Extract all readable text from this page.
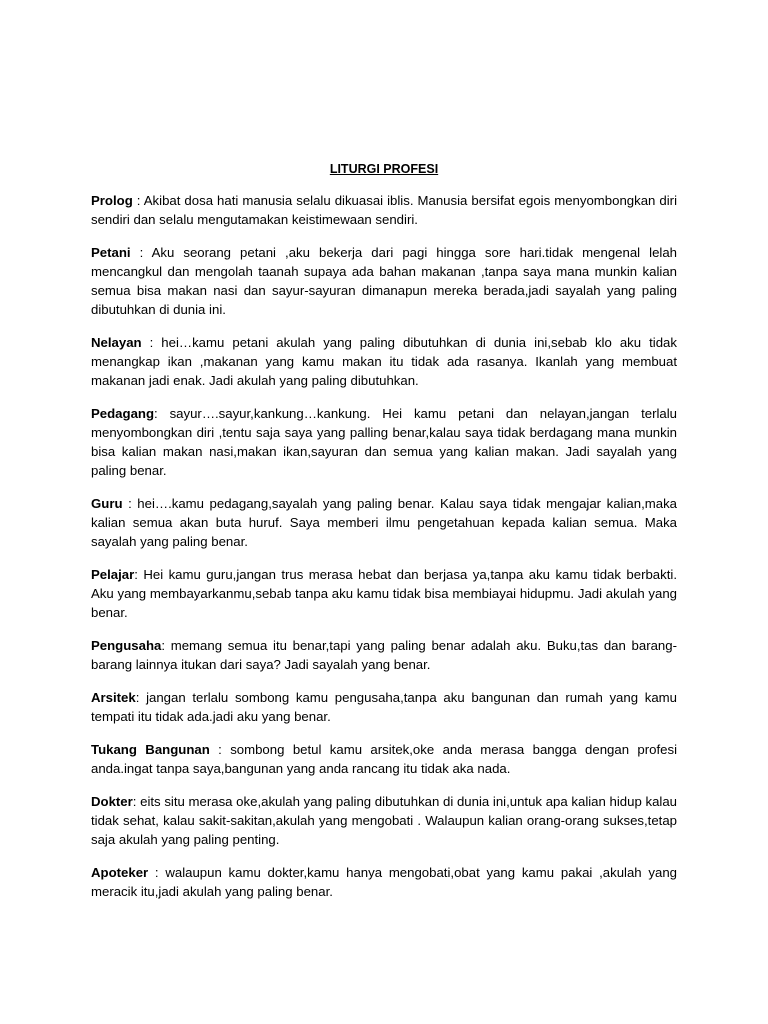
LITURGI PROFESI

Prolog : Akibat dosa hati manusia selalu dikuasai iblis. Manusia bersifat egois menyombongkan diri sendiri dan selalu mengutamakan keistimewaan sendiri.

Petani : Aku seorang petani ,aku bekerja dari pagi hingga sore hari.tidak mengenal lelah mencangkul dan mengolah taanah supaya ada bahan makanan ,tanpa saya mana munkin kalian semua bisa makan nasi dan sayur-sayuran dimanapun mereka berada,jadi sayalah yang paling dibutuhkan di dunia ini.

Nelayan : hei…kamu petani akulah yang paling dibutuhkan di dunia ini,sebab klo aku tidak menangkap ikan ,makanan yang kamu makan itu tidak ada rasanya. Ikanlah yang membuat makanan jadi enak. Jadi akulah yang paling dibutuhkan.

Pedagang: sayur….sayur,kankung…kankung. Hei kamu petani dan nelayan,jangan terlalu menyombongkan diri ,tentu saja saya yang palling benar,kalau saya tidak berdagang mana munkin bisa kalian makan nasi,makan ikan,sayuran dan semua yang kalian makan. Jadi sayalah yang paling benar.

Guru : hei….kamu pedagang,sayalah yang paling benar. Kalau saya tidak mengajar kalian,maka kalian semua akan buta huruf. Saya memberi ilmu pengetahuan kepada kalian semua. Maka sayalah yang paling benar.

Pelajar: Hei kamu guru,jangan trus merasa hebat dan berjasa ya,tanpa aku kamu tidak berbakti. Aku yang membayarkanmu,sebab tanpa aku kamu tidak bisa membiayai hidupmu. Jadi akulah yang benar.

Pengusaha: memang semua itu benar,tapi yang paling benar adalah aku. Buku,tas dan barang-barang lainnya itukan dari saya? Jadi sayalah yang benar.

Arsitek: jangan terlalu sombong kamu pengusaha,tanpa aku bangunan dan rumah yang kamu tempati itu tidak ada.jadi aku yang benar.

Tukang Bangunan : sombong betul kamu arsitek,oke anda merasa bangga dengan profesi anda.ingat tanpa saya,bangunan yang anda rancang itu tidak aka nada.

Dokter: eits situ merasa oke,akulah yang paling dibutuhkan di dunia ini,untuk apa kalian hidup kalau tidak sehat, kalau sakit-sakitan,akulah yang mengobati . Walaupun kalian orang-orang sukses,tetap saja akulah yang paling penting.

Apoteker : walaupun kamu dokter,kamu hanya mengobati,obat yang kamu pakai ,akulah yang meracik itu,jadi akulah yang paling benar.
